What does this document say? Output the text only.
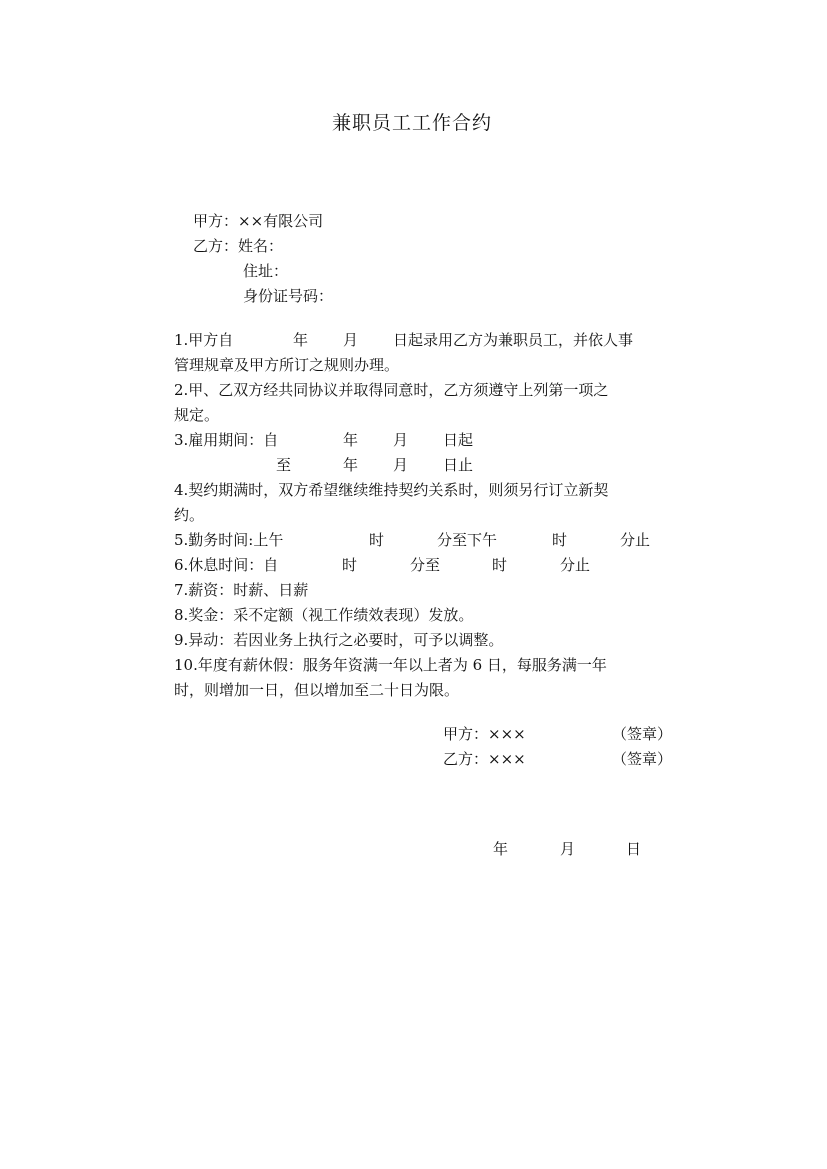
兼职员工工作合约
甲方：××有限公司
乙方：姓名：
住址：
身份证号码：
1.甲方自	年 月 日起录用乙方为兼职员工，并依人事
管理规章及甲方所订之规则办理。
2.甲、乙双方经共同协议并取得同意时，乙方须遵守上列第一项之
规定。
3.雇用期间：自	年 月 日起
至	年 月 日止
4.契约期满时，双方希望继续维持契约关系时，则须另行订立新契
约。
5.勤务时间:上午	时	分至下午	时	分止
6.休息时间：自	时	分至	时	分止
7.薪资：时薪、日薪
8.奖金：采不定额（视工作绩效表现）发放。
9.异动：若因业务上执行之必要时，可予以调整。
10.年度有薪休假：服务年资满一年以上者为 6 日，每服务满一年
时，则增加一日，但以增加至二十日为限。
甲方：×××	（签章）
乙方：×××	（签章）
年	月	日
